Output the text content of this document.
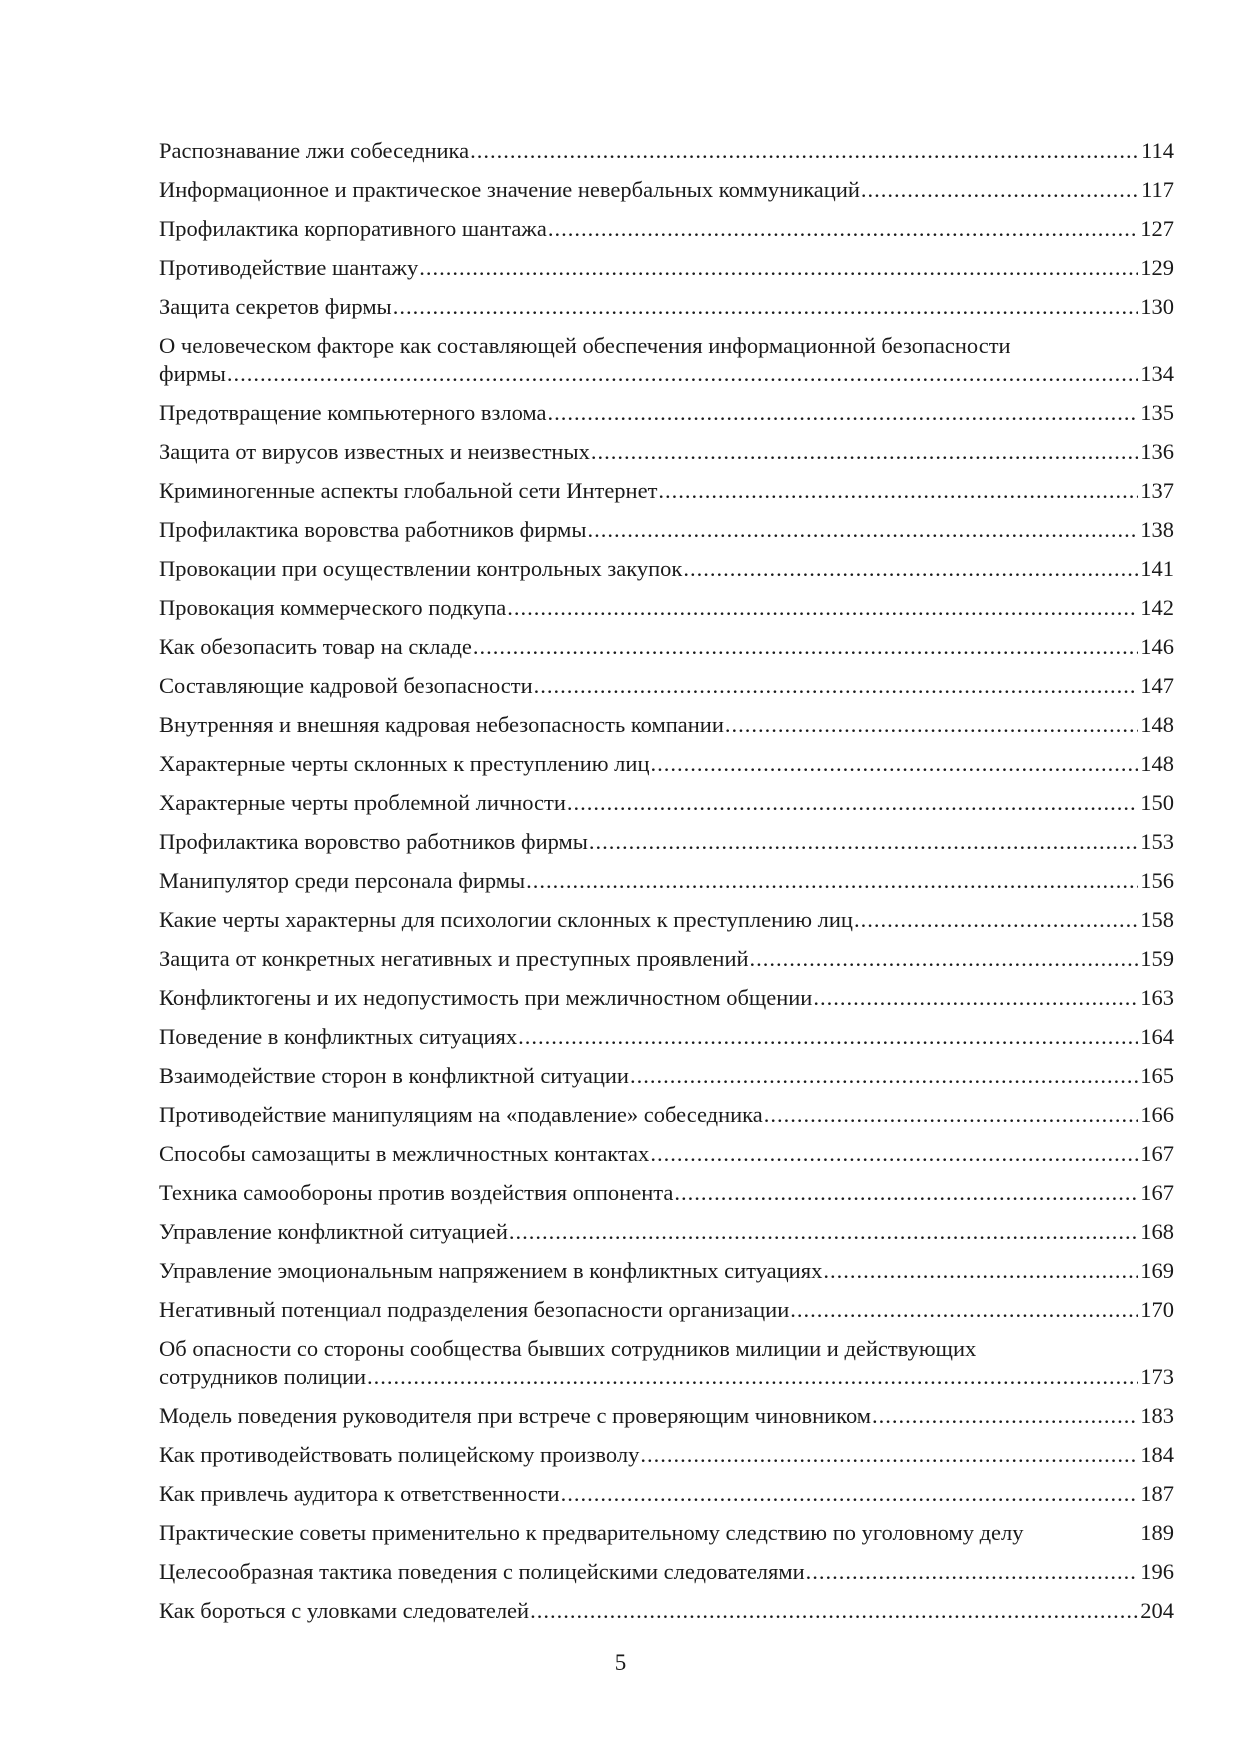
Распознавание лжи собеседника .....	114
Информационное и практическое значение невербальных коммуникаций .....	117
Профилактика корпоративного шантажа .....	127
Противодействие шантажу .....	129
Защита секретов фирмы .....	130
О человеческом факторе как составляющей обеспечения информационной безопасности
фирмы .....	134
Предотвращение компьютерного взлома .....	135
Защита от вирусов известных и неизвестных .....	136
Криминогенные аспекты глобальной сети Интернет .....	137
Профилактика воровства работников фирмы .....	138
Провокации при осуществлении контрольных закупок .....	141
Провокация коммерческого подкупа .....	142
Как обезопасить товар на складе .....	146
Составляющие кадровой безопасности .....	147
Внутренняя и внешняя кадровая небезопасность компании .....	148
Характерные черты склонных к преступлению лиц .....	148
Характерные черты проблемной личности .....	150
Профилактика воровство работников фирмы .....	153
Манипулятор среди персонала фирмы .....	156
Какие черты характерны для психологии склонных к преступлению лиц .....	158
Защита от конкретных негативных и преступных проявлений .....	159
Конфликтогены и их недопустимость при межличностном общении .....	163
Поведение в конфликтных ситуациях .....	164
Взаимодействие сторон в конфликтной ситуации .....	165
Противодействие манипуляциям на «подавление» собеседника .....	166
Способы самозащиты в межличностных контактах .....	167
Техника самообороны против воздействия оппонента .....	167
Управление конфликтной ситуацией .....	168
Управление эмоциональным напряжением в конфликтных ситуациях .....	169
Негативный потенциал подразделения безопасности организации .....	170
Об опасности со стороны сообщества бывших сотрудников милиции и действующих
сотрудников полиции .....	173
Модель поведения руководителя при встрече с проверяющим чиновником .....	183
Как противодействовать полицейскому произволу .....	184
Как привлечь аудитора к ответственности .....	187
Практические советы применительно к предварительному следствию по уголовному делу	189
Целесообразная тактика поведения с полицейскими следователями .....	196
Как бороться с уловками следователей .....	204
5
